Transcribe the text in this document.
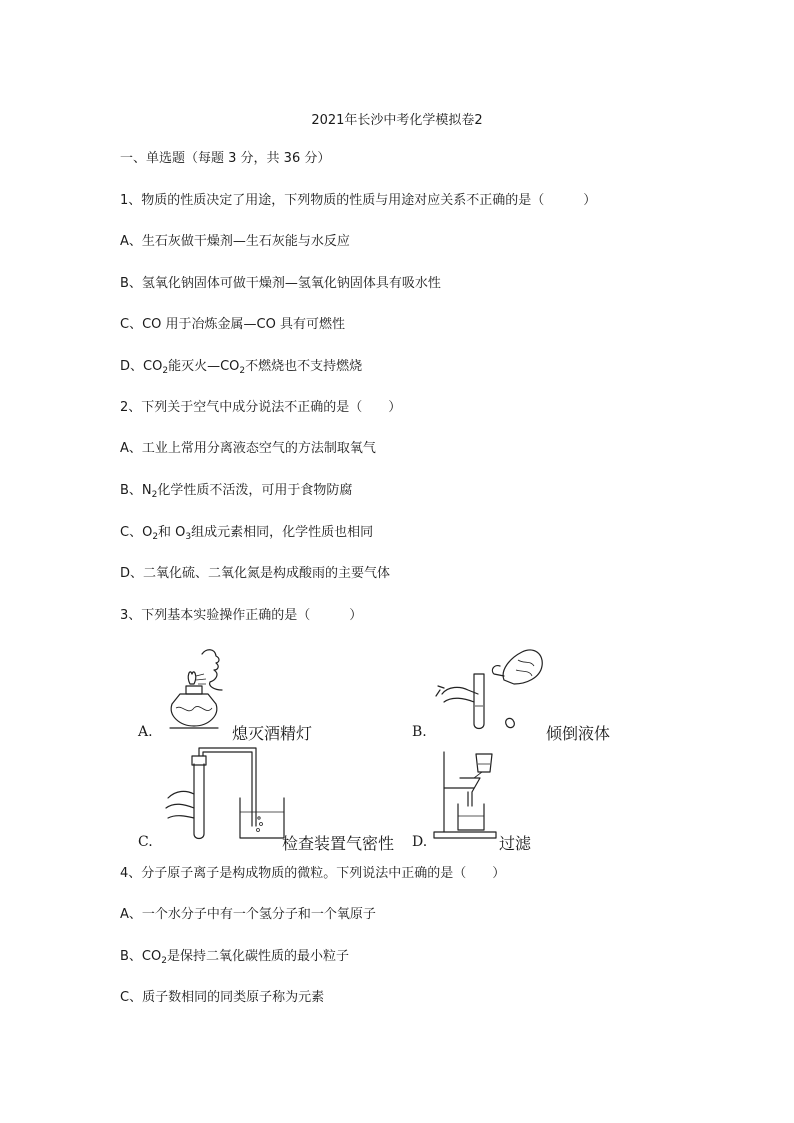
2021年长沙中考化学模拟卷2
一、单选题（每题 3 分，共 36 分）
1、物质的性质决定了用途，下列物质的性质与用途对应关系不正确的是（　　　）
A、生石灰做干燥剂—生石灰能与水反应
B、氢氧化钠固体可做干燥剂—氢氧化钠固体具有吸水性
C、CO 用于冶炼金属—CO 具有可燃性
D、$CO_2$能灭火$—CO_2$不燃烧也不支持燃烧
2、下列关于空气中成分说法不正确的是（　　）
A、工业上常用分离液态空气的方法制取氧气
B、$N_2$化学性质不活泼，可用于食物防腐
C、$O_2$和 $O_3$组成元素相同，化学性质也相同
D、二氧化硫、二氧化氮是构成酸雨的主要气体
3、下列基本实验操作正确的是（　　　）
A.	熄灭酒精灯	B.	倾倒液体
C.	检查装置气密性 D.	过滤
4、分子原子离子是构成物质的微粒。下列说法中正确的是（　　）
A、一个水分子中有一个氢分子和一个氧原子
B、$CO_2$是保持二氧化碳性质的最小粒子
C、质子数相同的同类原子称为元素
